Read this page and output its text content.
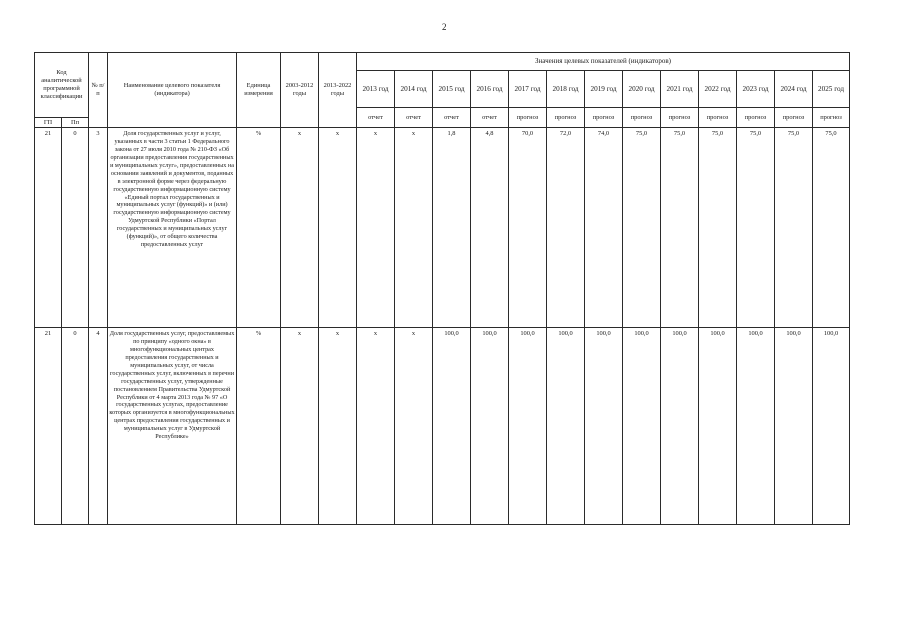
2
Код аналитической программной классификации		№ п/п	Наименование целевого показателя (индикатора)	Единица измерения	2003-2012 годы	2013-2022 годы	Значения целевых показателей (индикаторов)												
							2013 год	2014 год	2015 год	2016 год	2017 год	2018 год	2019 год	2020 год	2021 год	2022 год	2023 год	2024 год	2025 год
							отчет	отчет	отчет	отчет	прогноз	прогноз	прогноз	прогноз	прогноз	прогноз	прогноз	прогноз	прогноз
ГП	Пп																		
21	0	3	Доля государственных услуг и услуг, указанных в части 3 статьи 1 Федерального закона от 27 июля 2010 года № 210-ФЗ «Об организации предоставления государственных и муниципальных услуг», предоставленных на основании заявлений и документов, поданных в электронной форме через федеральную государственную информационную систему «Единый портал государственных и муниципальных услуг (функций)» и (или) государственную информационную систему Удмуртской Республики «Портал государственных и муниципальных услуг (функций)», от общего количества предоставленных услуг	%	x	x	x	x	1,8	4,8	70,0	72,0	74,0	75,0	75,0	75,0	75,0	75,0	75,0
21	0	4	Доля государственных услуг, предоставляемых по принципу «одного окна» в многофункциональных центрах предоставления государственных и муниципальных услуг, от числа государственных услуг, включенных в перечни государственных услуг, утвержденные постановлением Правительства Удмуртской Республики от 4 марта 2013 года № 97 «О государственных услугах, предоставление которых организуется в многофункциональных центрах предоставления государственных и муниципальных услуг в Удмуртской Республике»	%	x	x	x	x	100,0	100,0	100,0	100,0	100,0	100,0	100,0	100,0	100,0	100,0	100,0
